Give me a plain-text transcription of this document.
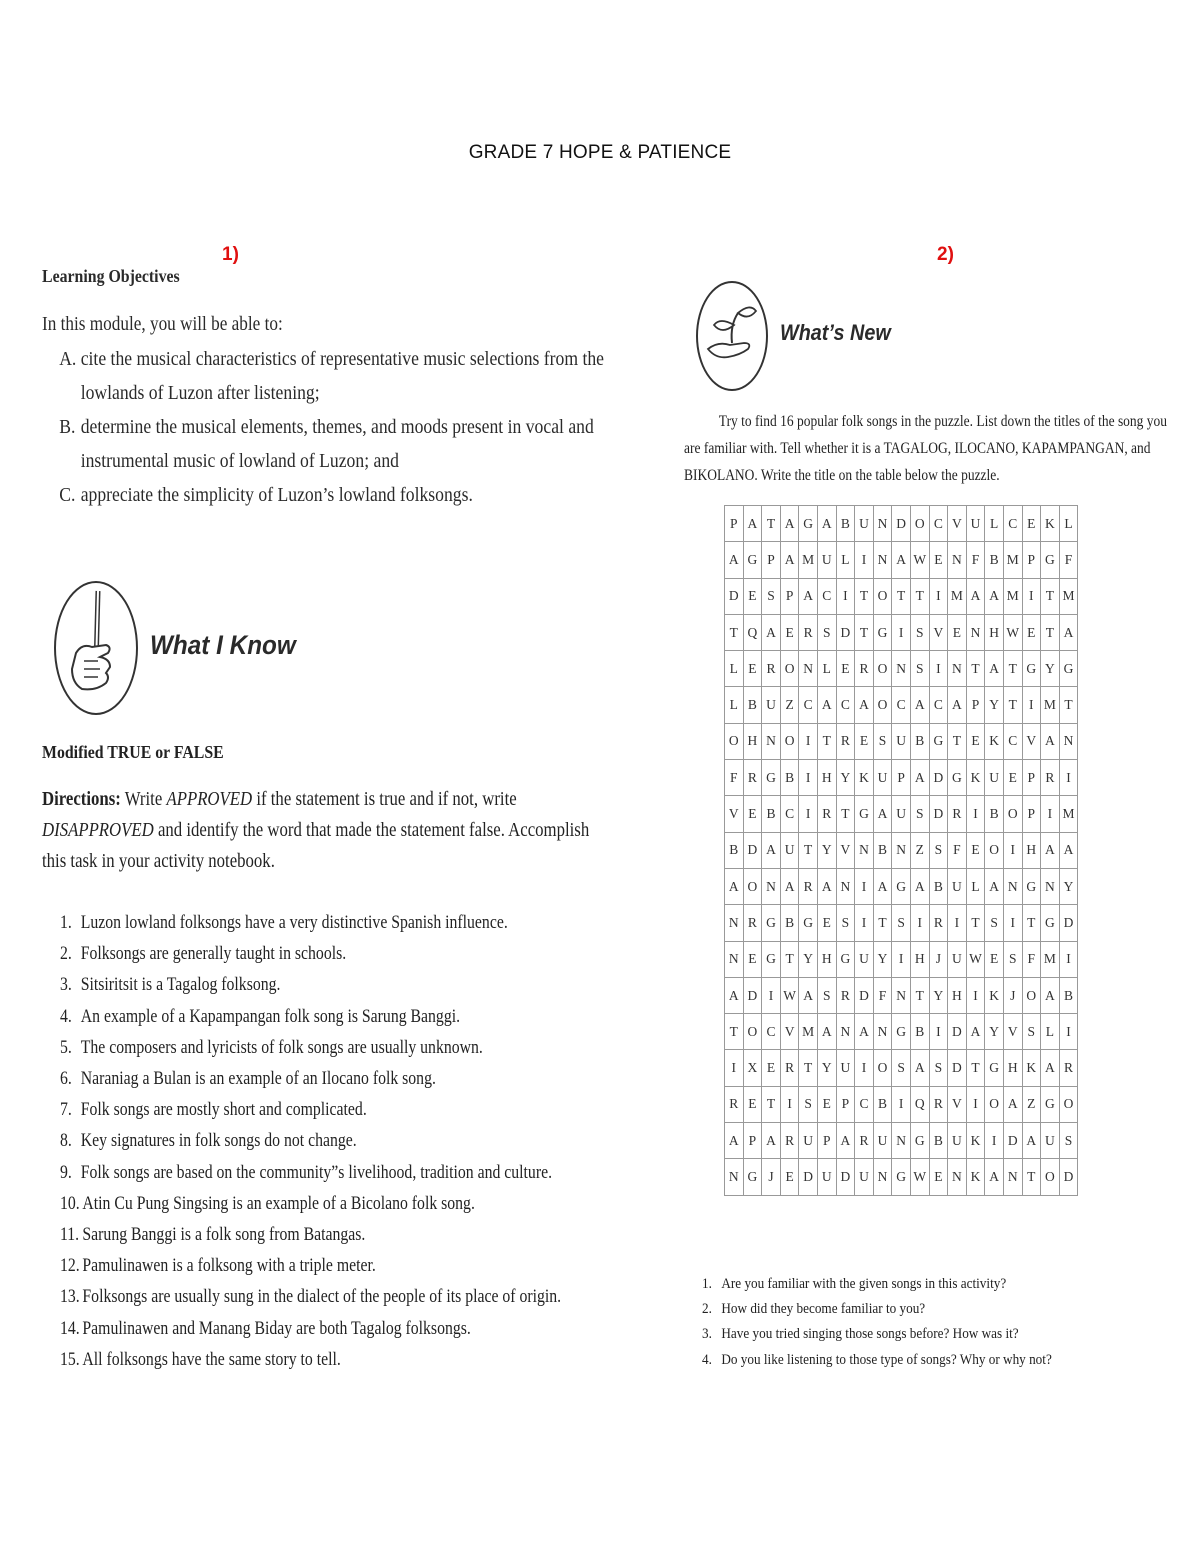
GRADE 7 HOPE & PATIENCE
1)	2)

Learning Objectives

In this module, you will be able to:

A. cite the musical characteristics of representative music selections from the lowlands of Luzon after listening;
B. determine the musical elements, themes, and moods present in vocal and instrumental music of lowland of Luzon; and
C. appreciate the simplicity of Luzon’s lowland folksongs.
What I Know
Modified TRUE or FALSE

Directions: Write APPROVED if the statement is true and if not, write DISAPPROVED and identify the word that made the statement false. Accomplish this task in your activity notebook.

1. Luzon lowland folksongs have a very distinctive Spanish influence.
2. Folksongs are generally taught in schools.
3. Sitsiritsit is a Tagalog folksong.
4. An example of a Kapampangan folk song is Sarung Banggi.
5. The composers and lyricists of folk songs are usually unknown.
6. Naraniag a Bulan is an example of an Ilocano folk song.
7. Folk songs are mostly short and complicated.
8. Key signatures in folk songs do not change.
9. Folk songs are based on the community”s livelihood, tradition and culture.
10. Atin Cu Pung Singsing is an example of a Bicolano folk song.
11. Sarung Banggi is a folk song from Batangas.
12. Pamulinawen is a folksong with a triple meter.
13. Folksongs are usually sung in the dialect of the people of its place of origin.
14. Pamulinawen and Manang Biday are both Tagalog folksongs.
15. All folksongs have the same story to tell.
What’s New

Try to find 16 popular folk songs in the puzzle. List down the titles of the song you are familiar with. Tell whether it is a TAGALOG, ILOCANO, KAPAMPANGAN, and BIKOLANO. Write the title on the table below the puzzle.

P	A	T	A	G	A	B	U	N	D	O	C	V	U	L	C	E	K	L
A	G	P	A	M	U	L	I	N	A	W	E	N	F	B	M	P	G	F
D	E	S	P	A	C	I	T	O	T	T	I	M	A	A	M	I	T	M
T	Q	A	E	R	S	D	T	G	I	S	V	E	N	H	W	E	T	A
L	E	R	O	N	L	E	R	O	N	S	I	N	T	A	T	G	Y	G
L	B	U	Z	C	A	C	A	O	C	A	C	A	P	Y	T	I	M	T
O	H	N	O	I	T	R	E	S	U	B	G	T	E	K	C	V	A	N
F	R	G	B	I	H	Y	K	U	P	A	D	G	K	U	E	P	R	I
V	E	B	C	I	R	T	G	A	U	S	D	R	I	B	O	P	I	M
B	D	A	U	T	Y	V	N	B	N	Z	S	F	E	O	I	H	A	A
A	O	N	A	R	A	N	I	A	G	A	B	U	L	A	N	G	N	Y
N	R	G	B	G	E	S	I	T	S	I	R	I	T	S	I	T	G	D
N	E	G	T	Y	H	G	U	Y	I	H	J	U	W	E	S	F	M	I
A	D	I	W	A	S	R	D	F	N	T	Y	H	I	K	J	O	A	B
T	O	C	V	M	A	N	A	N	G	B	I	D	A	Y	V	S	L	I
I	X	E	R	T	Y	U	I	O	S	A	S	D	T	G	H	K	A	R
R	E	T	I	S	E	P	C	B	I	Q	R	V	I	O	A	Z	G	O
A	P	A	R	U	P	A	R	U	N	G	B	U	K	I	D	A	U	S
N	G	J	E	D	U	D	U	N	G	W	E	N	K	A	N	T	O	D
1. Are you familiar with the given songs in this activity?
2. How did they become familiar to you?
3. Have you tried singing those songs before? How was it?
4. Do you like listening to those type of songs? Why or why not?
